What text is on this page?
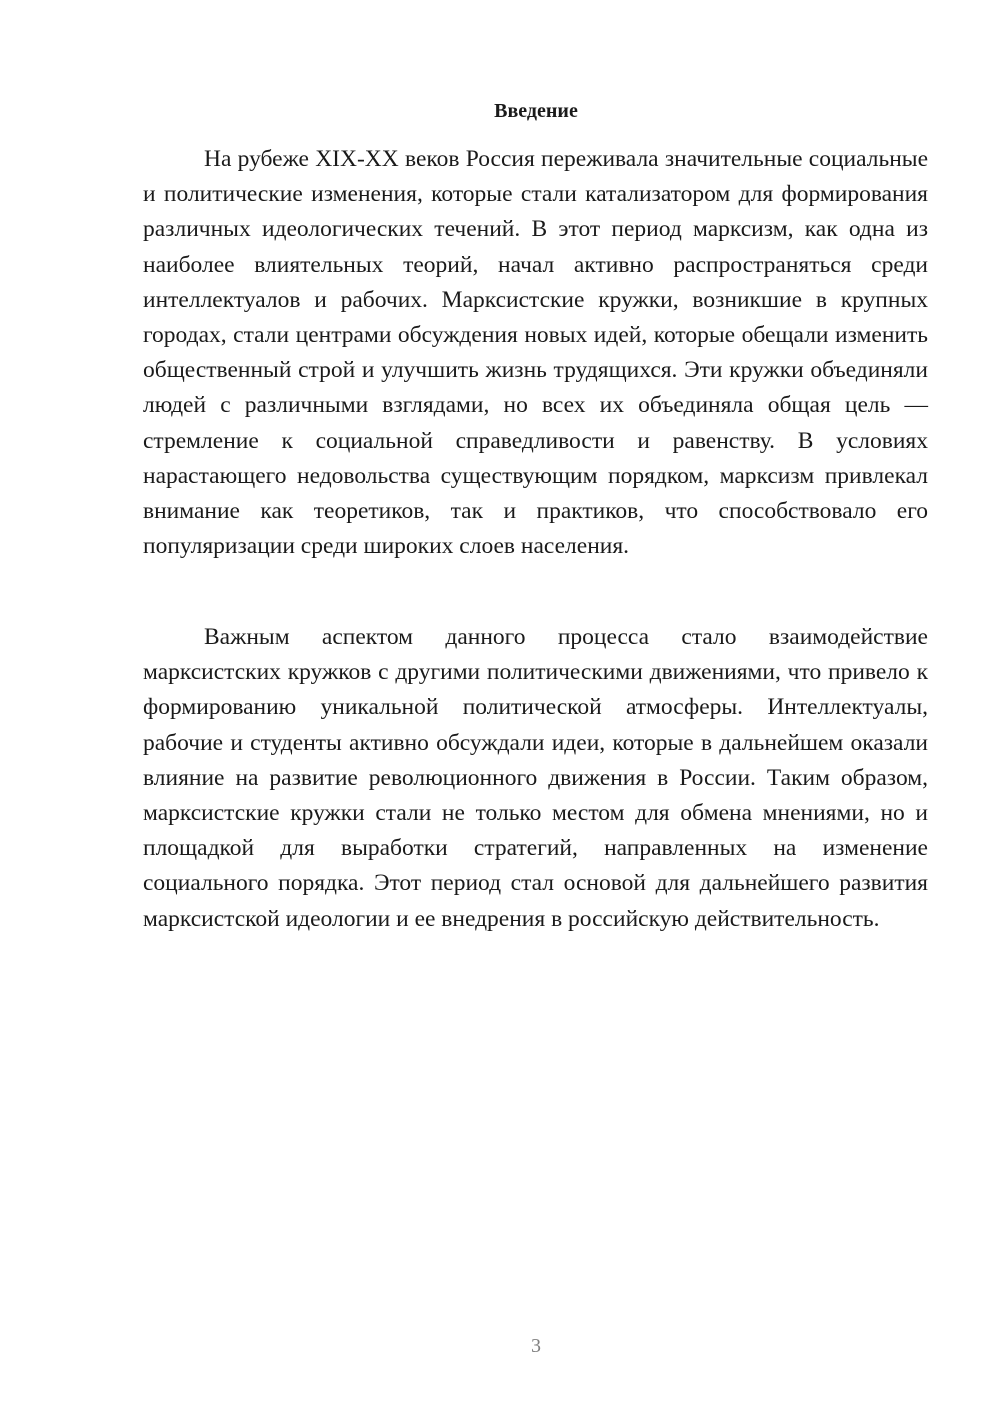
Введение

На рубеже XIX-XX веков Россия переживала значительные социальные и политические изменения, которые стали катализатором для формирования различных идеологических течений. В этот период марксизм, как одна из наиболее влиятельных теорий, начал активно распространяться среди интеллектуалов и рабочих. Марксистские кружки, возникшие в крупных городах, стали центрами обсуждения новых идей, которые обещали изменить общественный строй и улучшить жизнь трудящихся. Эти кружки объединяли людей с различными взглядами, но всех их объединяла общая цель — стремление к социальной справедливости и равенству. В условиях нарастающего недовольства существующим порядком, марксизм привлекал внимание как теоретиков, так и практиков, что способствовало его популяризации среди широких слоев населения.

Важным аспектом данного процесса стало взаимодействие марксистских кружков с другими политическими движениями, что привело к формированию уникальной политической атмосферы. Интеллектуалы, рабочие и студенты активно обсуждали идеи, которые в дальнейшем оказали влияние на развитие революционного движения в России. Таким образом, марксистские кружки стали не только местом для обмена мнениями, но и площадкой для выработки стратегий, направленных на изменение социального порядка. Этот период стал основой для дальнейшего развития марксистской идеологии и ее внедрения в российскую действительность.

3
